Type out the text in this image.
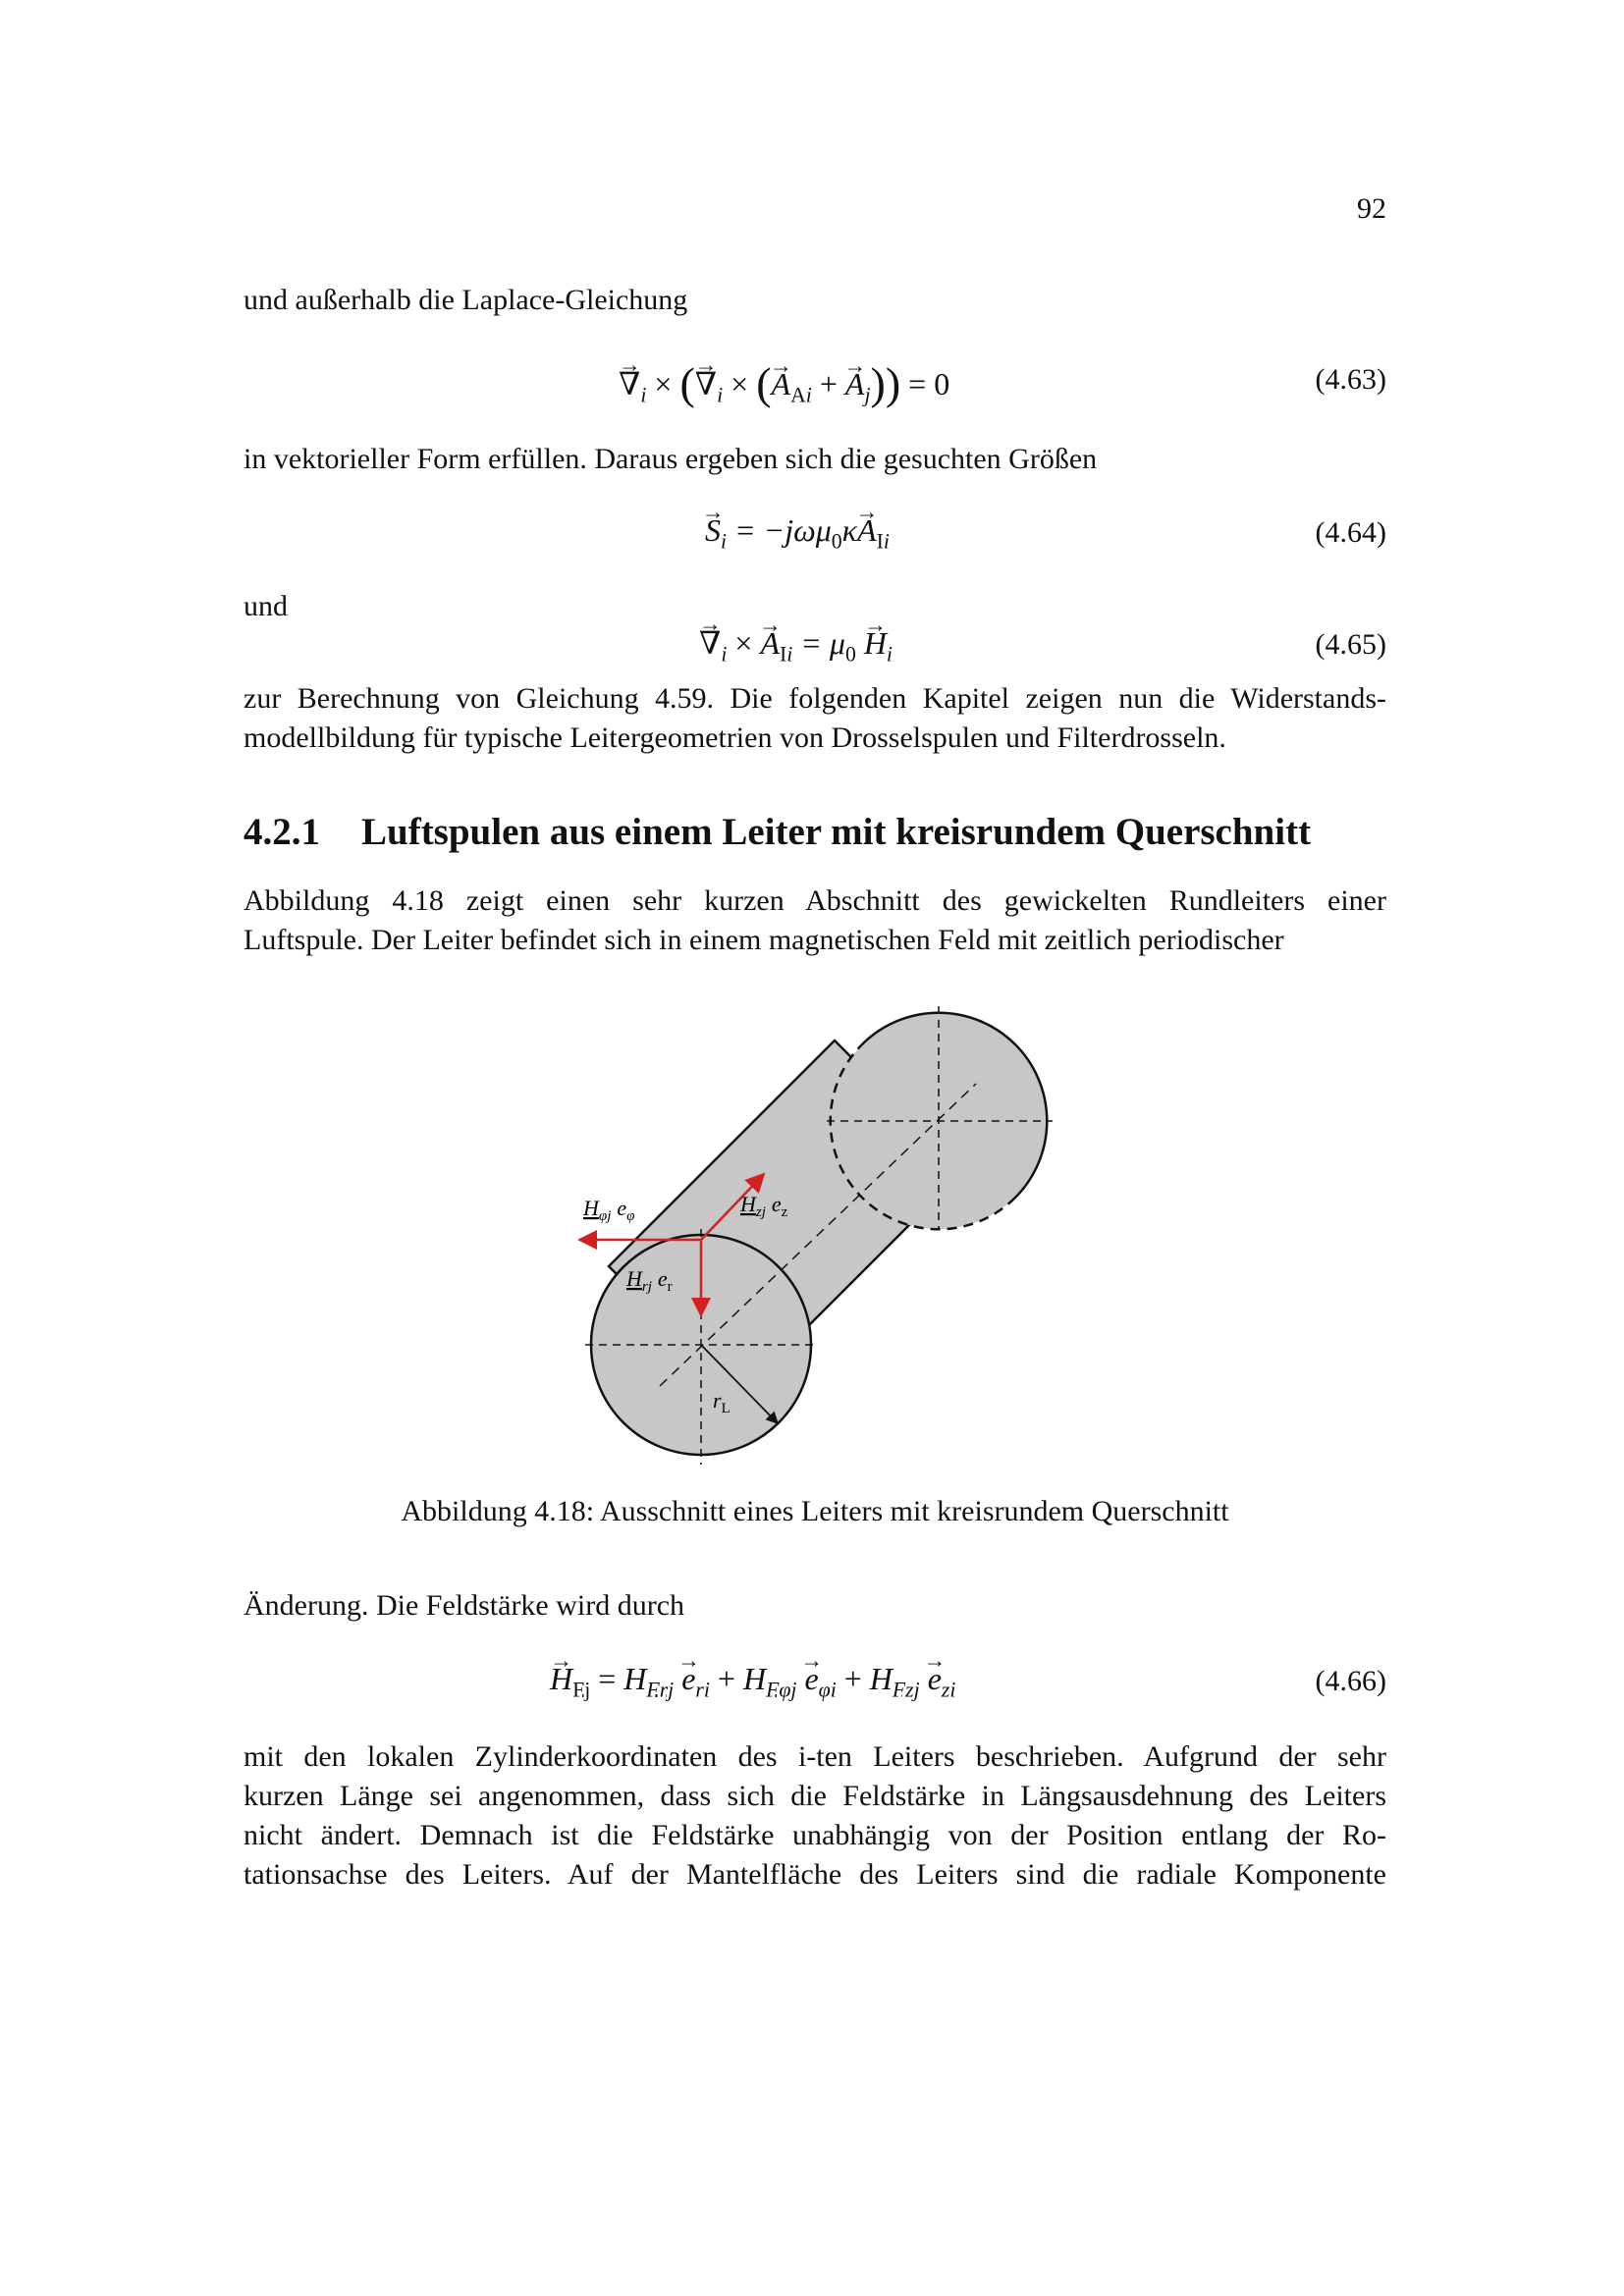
92
und außerhalb die Laplace-Gleichung
→ $\nabla_i$ × (→ $\nabla_i$ × (→ $A_{Ai}$ + → $A_j)) = 0$	(4.63)
in vektorieller Form erfüllen. Daraus ergeben sich die gesuchten Größen
→ $S_i = -j\omega\mu_0\kappa\to A_{Ii}$	(4.64)
und
→ $\nabla_i$ × → $A_{Ii} = \mu_0 \to H_i$	(4.65)
zur Berechnung von Gleichung 4.59. Die folgenden Kapitel zeigen nun die Widerstands-
modellbildung für typische Leitergeometrien von Drosselspulen und Filterdrosseln.
4.2.1 Luftspulen aus einem Leiter mit kreisrundem Querschnitt
Abbildung 4.18 zeigt einen sehr kurzen Abschnitt des gewickelten Rundleiters einer
Luftspule. Der Leiter befindet sich in einem magnetischen Feld mit zeitlich periodischer
$H_{\varphi j}$ $e_\varphi$	$H_{zj}$ $e_z$
$H_{rj}$ $e_r$
$r_L$
Abbildung 4.18: Ausschnitt eines Leiters mit kreisrundem Querschnitt
Änderung. Die Feldstärke wird durch
→ $H_{Fj} = H_{Frj} \to e_{ri} + H_{F\varphi j} \to e_{\varphi i} + H_{Fzj} \to e_{zi}$	(4.66)
mit den lokalen Zylinderkoordinaten des i-ten Leiters beschrieben. Aufgrund der sehr
kurzen Länge sei angenommen, dass sich die Feldstärke in Längsausdehnung des Leiters
nicht ändert. Demnach ist die Feldstärke unabhängig von der Position entlang der Ro-
tationsachse des Leiters. Auf der Mantelfläche des Leiters sind die radiale Komponente
